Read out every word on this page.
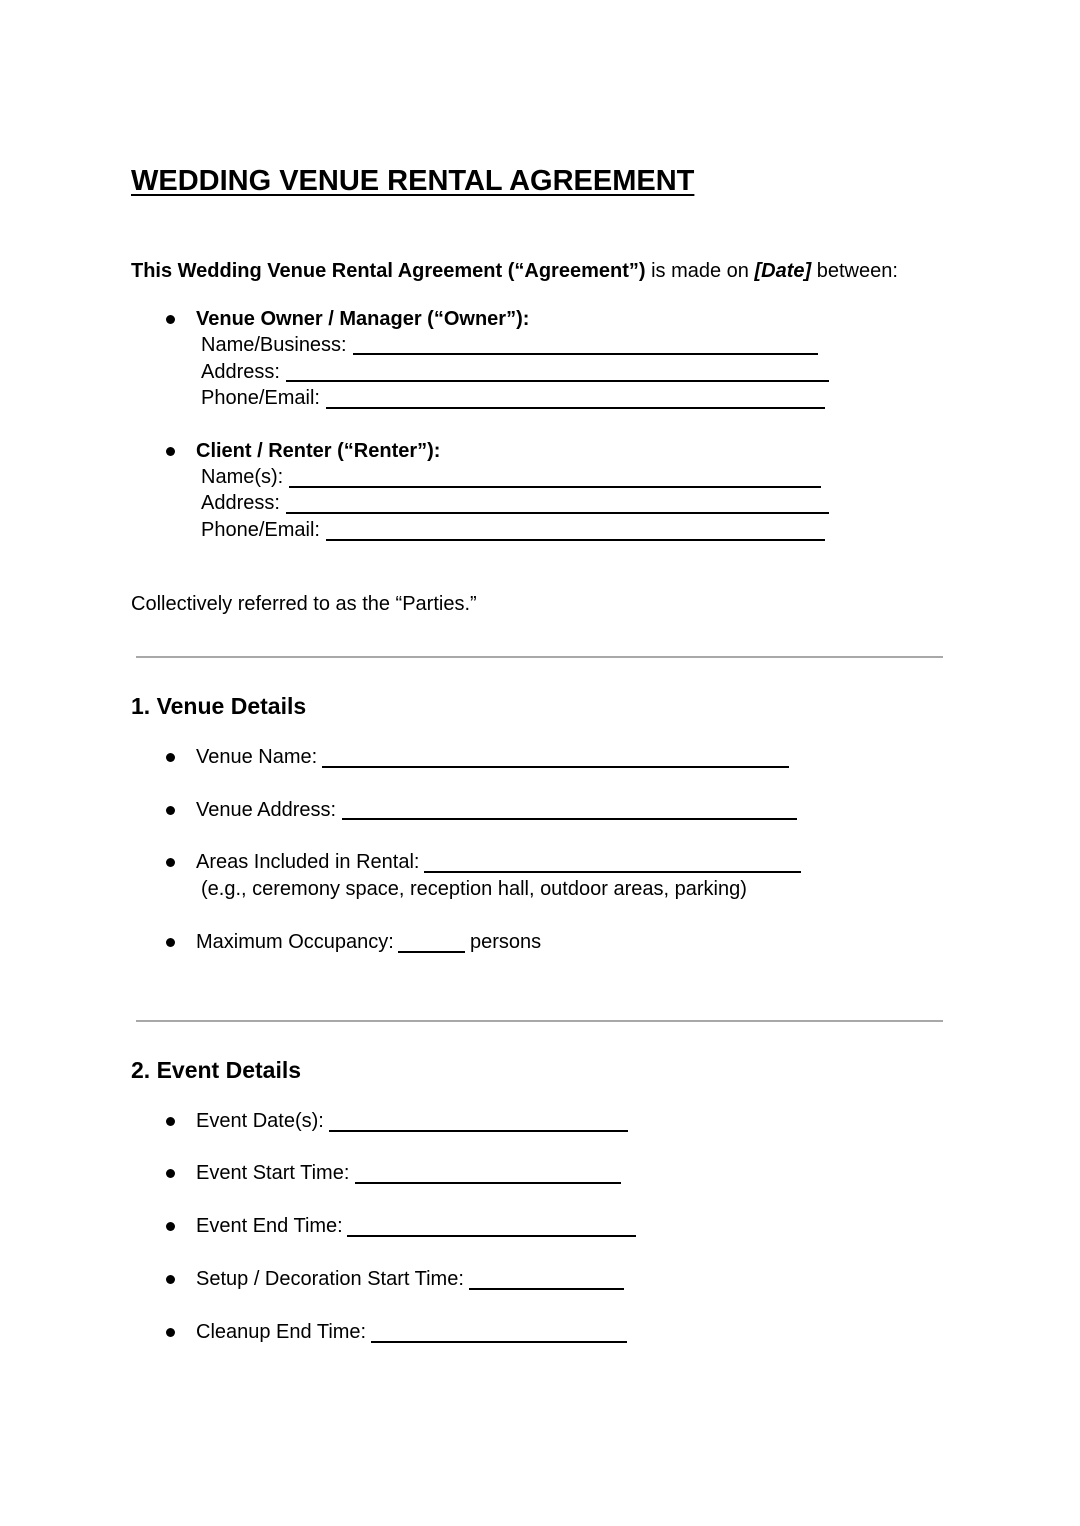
WEDDING VENUE RENTAL AGREEMENT
This Wedding Venue Rental Agreement (“Agreement”) is made on [Date] between:
Venue Owner / Manager (“Owner”):
Name/Business:
Address:
Phone/Email:
Client / Renter (“Renter”):
Name(s):
Address:
Phone/Email:
Collectively referred to as the “Parties.”
1. Venue Details
Venue Name:
Venue Address:
Areas Included in Rental:
(e.g., ceremony space, reception hall, outdoor areas, parking)
Maximum Occupancy:	persons
2. Event Details
Event Date(s):
Event Start Time:
Event End Time:
Setup / Decoration Start Time:
Cleanup End Time:
